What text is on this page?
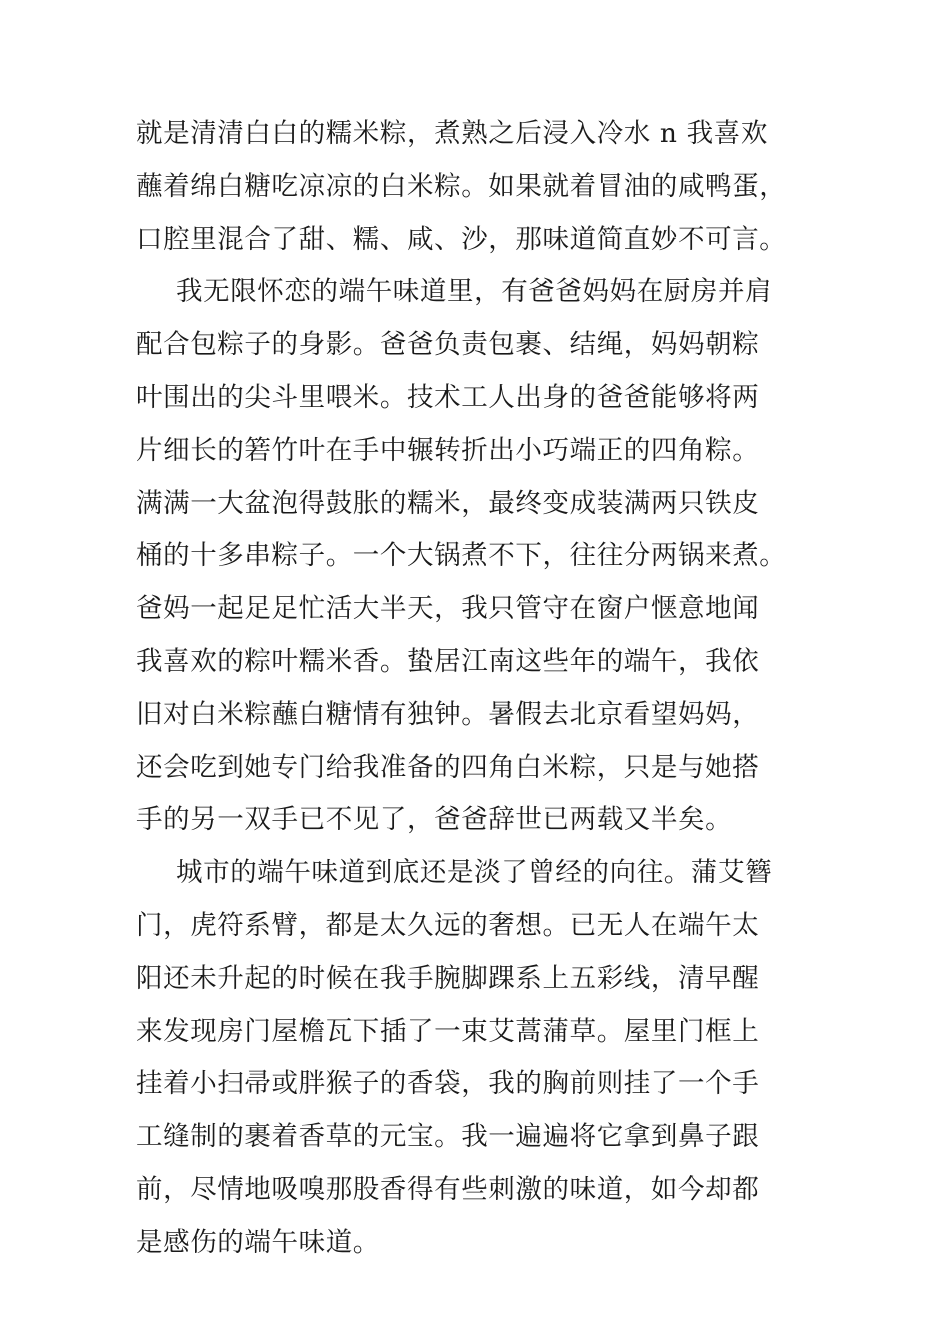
就是清清白白的糯米粽，煮熟之后浸入冷水 n 我喜欢
蘸着绵白糖吃凉凉的白米粽。如果就着冒油的咸鸭蛋，
口腔里混合了甜、糯、咸、沙，那味道简直妙不可言。
我无限怀恋的端午味道里，有爸爸妈妈在厨房并肩
配合包粽子的身影。爸爸负责包裹、结绳，妈妈朝粽
叶围出的尖斗里喂米。技术工人出身的爸爸能够将两
片细长的箬竹叶在手中辗转折出小巧端正的四角粽。
满满一大盆泡得鼓胀的糯米，最终变成装满两只铁皮
桶的十多串粽子。一个大锅煮不下，往往分两锅来煮。
爸妈一起足足忙活大半天，我只管守在窗户惬意地闻
我喜欢的粽叶糯米香。蛰居江南这些年的端午，我依
旧对白米粽蘸白糖情有独钟。暑假去北京看望妈妈，
还会吃到她专门给我准备的四角白米粽，只是与她搭
手的另一双手已不见了，爸爸辞世已两载又半矣。
城市的端午味道到底还是淡了曾经的向往。蒲艾簪
门，虎符系臂，都是太久远的奢想。已无人在端午太
阳还未升起的时候在我手腕脚踝系上五彩线，清早醒
来发现房门屋檐瓦下插了一束艾蒿蒲草。屋里门框上
挂着小扫帚或胖猴子的香袋，我的胸前则挂了一个手
工缝制的裹着香草的元宝。我一遍遍将它拿到鼻子跟
前，尽情地吸嗅那股香得有些刺激的味道，如今却都
是感伤的端午味道。
